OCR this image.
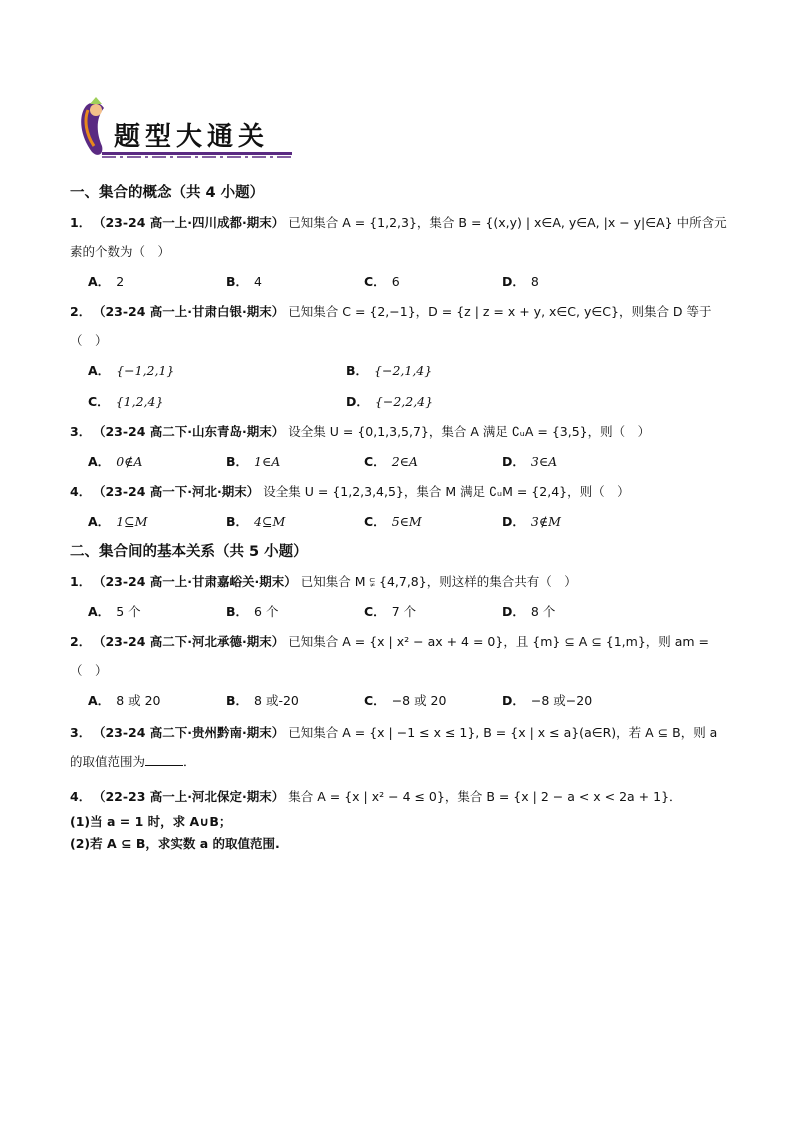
题型大通关
一、集合的概念（共 4 小题）
1． （23-24 高一上·四川成都·期末） 已知集合 A = {1,2,3}，集合 B = {(x,y) | x∈A, y∈A, |x − y|∈A} 中所含元素的个数为（　）
A． 2	B． 4	C． 6	D． 8
2． （23-24 高一上·甘肃白银·期末） 已知集合 C = {2,−1}，D = {z | z = x + y, x∈C, y∈C}，则集合 D 等于（　）
A． {−1,2,1}	B． {−2,1,4}
C． {1,2,4}	D． {−2,2,4}
3． （23-24 高二下·山东青岛·期末） 设全集 U = {0,1,3,5,7}，集合 A 满足 ∁ᵤA = {3,5}，则（　）
A． 0∉A	B． 1∈A	C． 2∈A	D． 3∈A
4． （23-24 高一下·河北·期末） 设全集 U = {1,2,3,4,5}，集合 M 满足 ∁ᵤM = {2,4}，则（　）
A． 1⊆M	B． 4⊆M	C． 5∈M	D． 3∉M
二、集合间的基本关系（共 5 小题）
1． （23-24 高一上·甘肃嘉峪关·期末） 已知集合 M ⫋ {4,7,8}，则这样的集合共有（　）
A． 5 个	B． 6 个	C． 7 个	D． 8 个
2． （23-24 高二下·河北承德·期末） 已知集合 A = {x | x² − ax + 4 = 0}，且 {m} ⊆ A ⊆ {1,m}，则 am =（　）
A． 8 或 20	B． 8 或-20	C． −8 或 20	D． −8 或−20
3． （23-24 高二下·贵州黔南·期末） 已知集合 A = {x | −1 ≤ x ≤ 1}, B = {x | x ≤ a}(a∈R)，若 A ⊆ B，则 a 的取值范围为	．
4． （22-23 高一上·河北保定·期末） 集合 A = {x | x² − 4 ≤ 0}，集合 B = {x | 2 − a < x < 2a + 1}．
(1)当 a = 1 时，求 A∪B；
(2)若 A ⊆ B，求实数 a 的取值范围.
